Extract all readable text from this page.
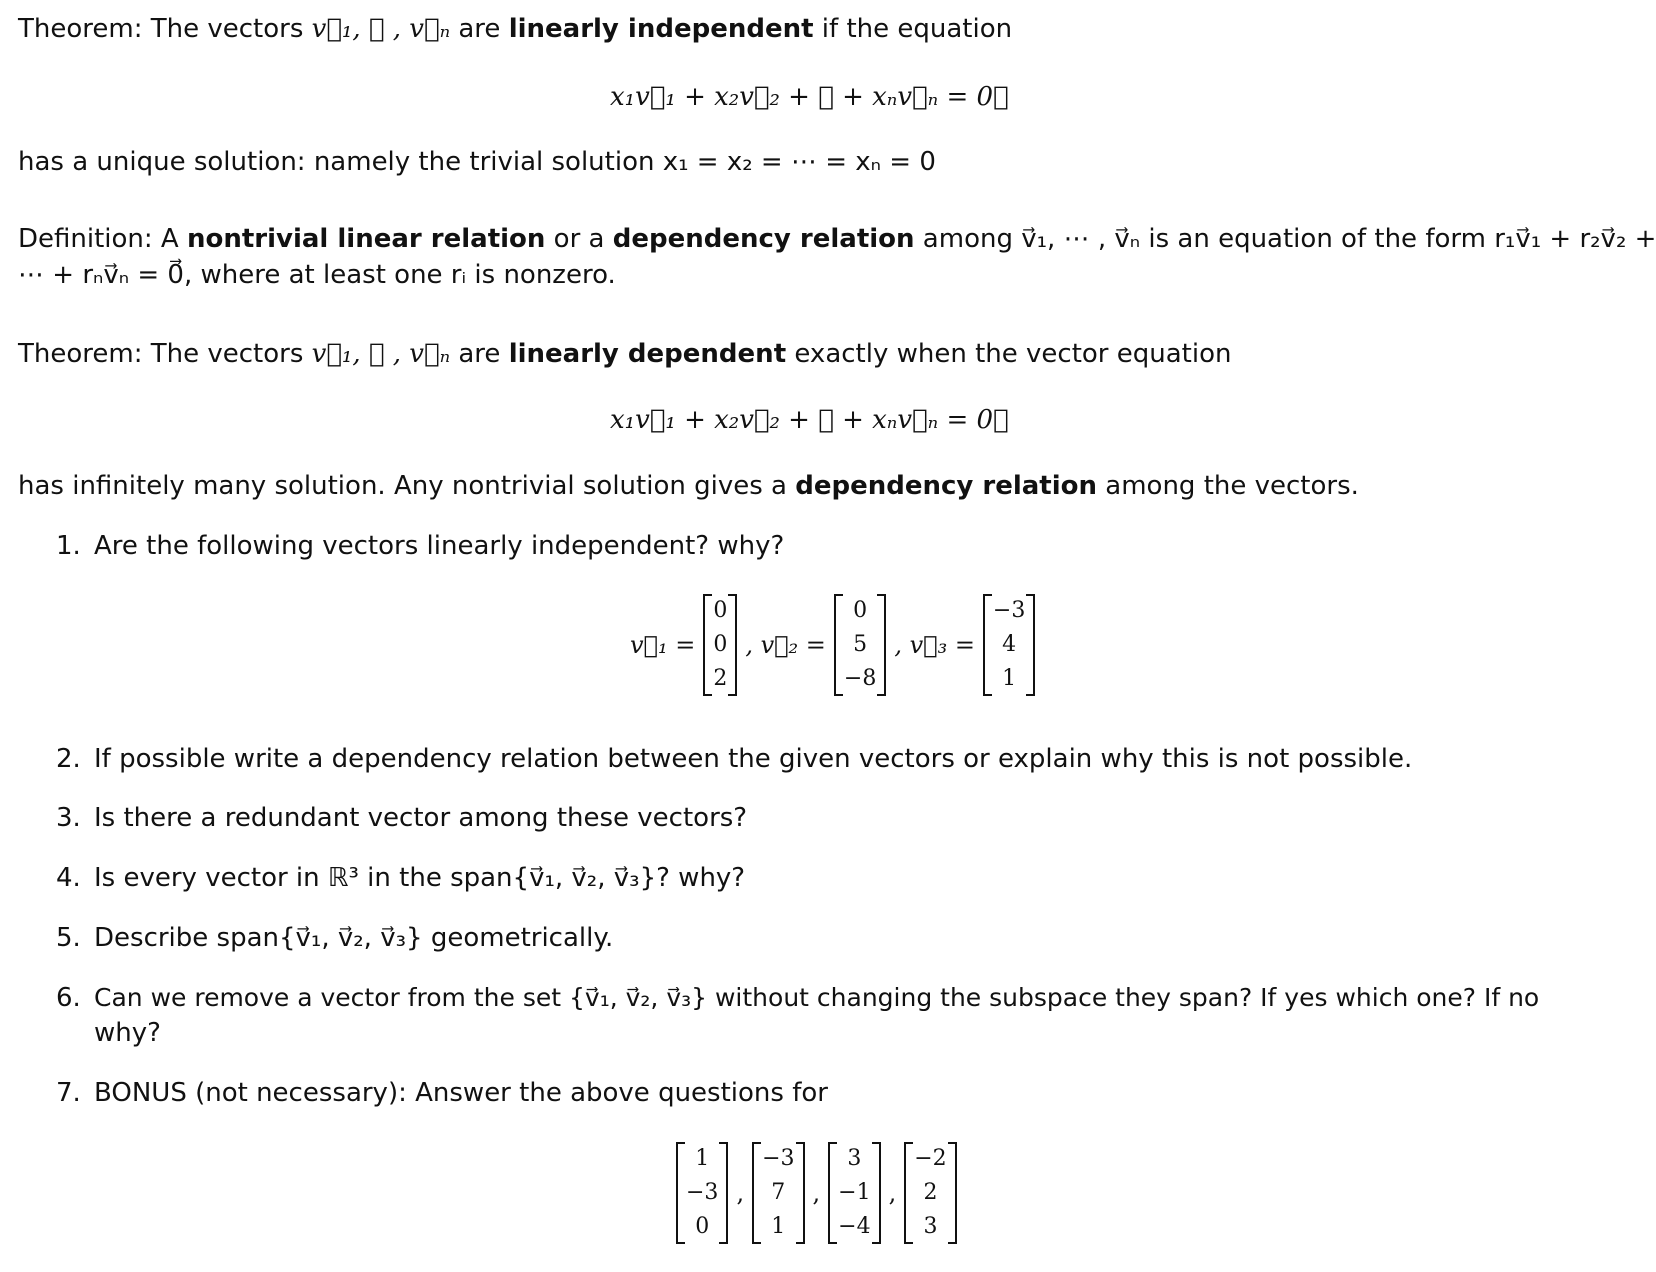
Theorem: The vectors v⃗₁, ⋯ , v⃗ₙ are linearly independent if the equation
x₁v⃗₁ + x₂v⃗₂ + ⋯ + xₙv⃗ₙ = 0⃗
has a unique solution: namely the trivial solution x₁ = x₂ = ⋯ = xₙ = 0
Definition: A nontrivial linear relation or a dependency relation among v⃗₁, ⋯ , v⃗ₙ is an equation of the form r₁v⃗₁ + r₂v⃗₂ +
⋯ + rₙv⃗ₙ = 0⃗, where at least one rᵢ is nonzero.
Theorem: The vectors v⃗₁, ⋯ , v⃗ₙ are linearly dependent exactly when the vector equation
x₁v⃗₁ + x₂v⃗₂ + ⋯ + xₙv⃗ₙ = 0⃗
has infinitely many solution. Any nontrivial solution gives a dependency relation among the vectors.
1. Are the following vectors linearly independent? why?
v⃗₁ =
0
0
2
, v⃗₂ =
0
5
−8
, v⃗₃ =
−3
4
1
2. If possible write a dependency relation between the given vectors or explain why this is not possible.
3. Is there a redundant vector among these vectors?
4. Is every vector in ℝ³ in the span{v⃗₁, v⃗₂, v⃗₃}? why?
5. Describe span{v⃗₁, v⃗₂, v⃗₃} geometrically.
6. Can we remove a vector from the set {v⃗₁, v⃗₂, v⃗₃} without changing the subspace they span? If yes which one? If no
why?
7. BONUS (not necessary): Answer the above questions for
1
−3
0
,
−3
7
1
,
3
−1
−4
,
−2
2
3
